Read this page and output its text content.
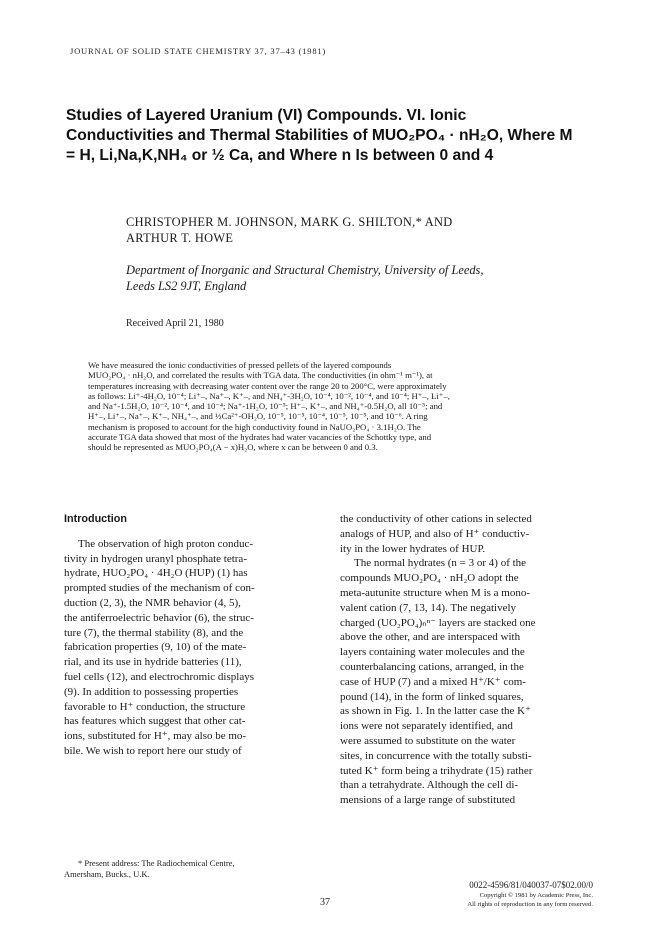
JOURNAL OF SOLID STATE CHEMISTRY 37, 37–43 (1981)
Studies of Layered Uranium (VI) Compounds. VI. Ionic
Conductivities and Thermal Stabilities of MUO₂PO₄ · nH₂O, Where M
= H, Li,Na,K,NH₄ or ½ Ca, and Where n Is between 0 and 4
CHRISTOPHER M. JOHNSON, MARK G. SHILTON,* AND
ARTHUR T. HOWE
Department of Inorganic and Structural Chemistry, University of Leeds,
Leeds LS2 9JT, England
Received April 21, 1980
We have measured the ionic conductivities of pressed pellets of the layered compounds
MUO₂PO₄ · nH₂O, and correlated the results with TGA data. The conductivities (in ohm⁻¹ m⁻¹), at
temperatures increasing with decreasing water content over the range 20 to 200°C, were approximately
as follows: Li⁺-4H₂O, 10⁻⁴; Li⁺–, Na⁺–, K⁺–, and NH₄⁺-3H₂O, 10⁻⁴, 10⁻², 10⁻⁴, and 10⁻⁴; H⁺–, Li⁺–,
and Na⁺-1.5H₂O, 10⁻², 10⁻⁴, and 10⁻⁴; Na⁺-1H₂O, 10⁻⁵; H⁺–, K⁺–, and NH₄⁺-0.5H₂O, all 10⁻⁵; and
H⁺–, Li⁺–, Na⁺–, K⁺–, NH₄⁺–, and ½Ca²⁺-OH₂O, 10⁻⁵, 10⁻⁵, 10⁻⁴, 10⁻⁵, 10⁻⁵, and 10⁻⁶. A ring
mechanism is proposed to account for the high conductivity found in NaUO₂PO₄ · 3.1H₂O. The
accurate TGA data showed that most of the hydrates had water vacancies of the Schottky type, and
should be represented as MUO₂PO₄(A − x)H₂O, where x can be between 0 and 0.3.
Introduction
The observation of high proton conduc-
tivity in hydrogen uranyl phosphate tetra-
hydrate, HUO₂PO₄ · 4H₂O (HUP) (1) has
prompted studies of the mechanism of con-
duction (2, 3), the NMR behavior (4, 5),
the antiferroelectric behavior (6), the struc-
ture (7), the thermal stability (8), and the
fabrication properties (9, 10) of the mate-
rial, and its use in hydride batteries (11),
fuel cells (12), and electrochromic displays
(9). In addition to possessing properties
favorable to H⁺ conduction, the structure
has features which suggest that other cat-
ions, substituted for H⁺, may also be mo-
bile. We wish to report here our study of
the conductivity of other cations in selected
analogs of HUP, and also of H⁺ conductiv-
ity in the lower hydrates of HUP.
The normal hydrates (n = 3 or 4) of the
compounds MUO₂PO₄ · nH₂O adopt the
meta-autunite structure when M is a mono-
valent cation (7, 13, 14). The negatively
charged (UO₂PO₄)ₙⁿ⁻ layers are stacked one
above the other, and are interspaced with
layers containing water molecules and the
counterbalancing cations, arranged, in the
case of HUP (7) and a mixed H⁺/K⁺ com-
pound (14), in the form of linked squares,
as shown in Fig. 1. In the latter case the K⁺
ions were not separately identified, and
were assumed to substitute on the water
sites, in concurrence with the totally substi-
tuted K⁺ form being a trihydrate (15) rather
than a tetrahydrate. Although the cell di-
mensions of a large range of substituted
* Present address: The Radiochemical Centre,
Amersham, Bucks., U.K.
37
0022-4596/81/040037-07$02.00/0
Copyright © 1981 by Academic Press, Inc.
All rights of reproduction in any form reserved.
